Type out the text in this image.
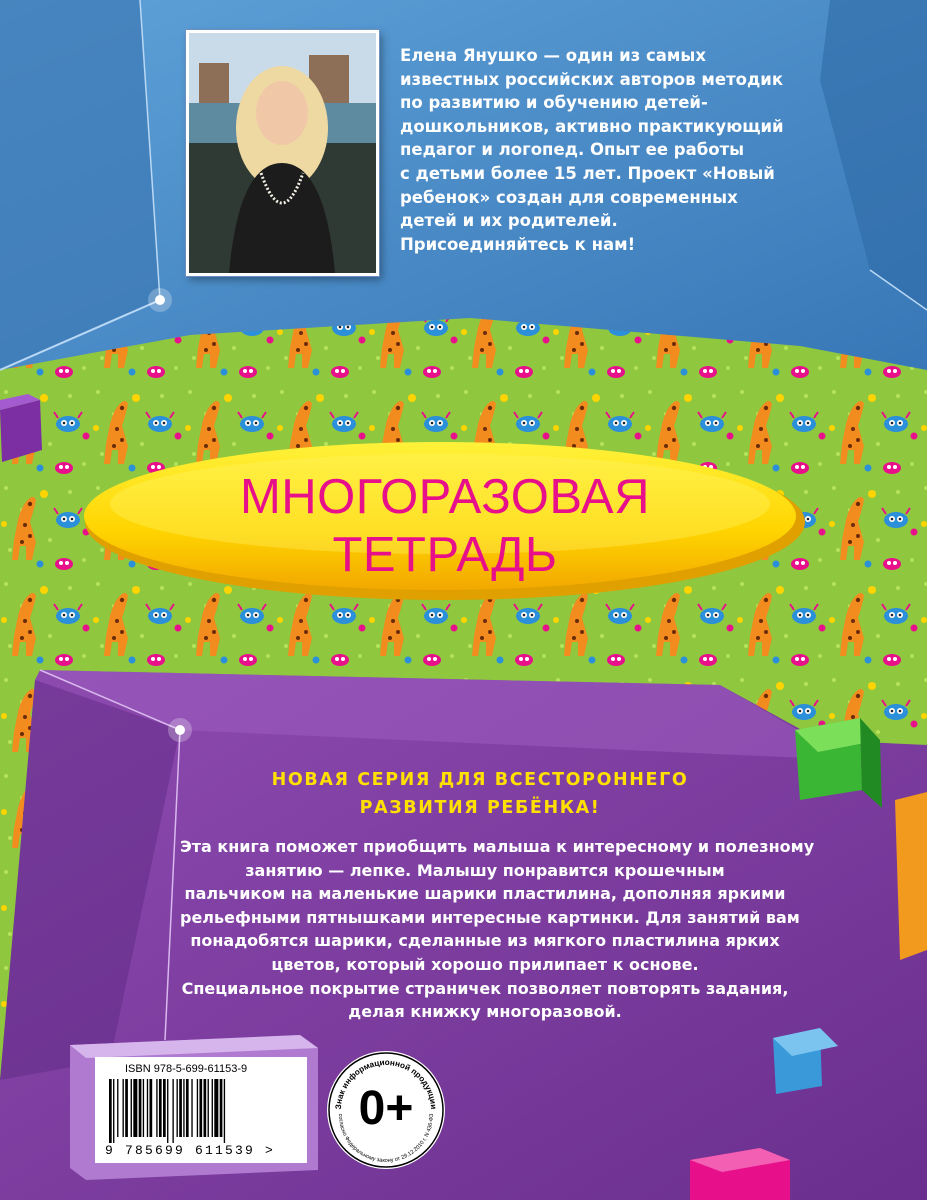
Елена Янушко — один из самых
известных российских авторов методик
по развитию и обучению детей-
дошкольников, активно практикующий
педагог и логопед. Опыт ее работы
с детьми более 15 лет. Проект «Новый
ребенок» создан для современных
детей и их родителей.
Присоединяйтесь к нам!
МНОГОРАЗОВАЯ
ТЕТРАДЬ
НОВАЯ СЕРИЯ ДЛЯ ВСЕСТОРОННЕГО
РАЗВИТИЯ РЕБЁНКА!
Эта книга поможет приобщить малыша к интересному и полезному
занятию — лепке. Малышу понравится крошечным
пальчиком на маленькие шарики пластилина, дополняя яркими
рельефными пятнышками интересные картинки. Для занятий вам
понадобятся шарики, сделанные из мягкого пластилина ярких
цветов, который хорошо прилипает к основе.
Специальное покрытие страничек позволяет повторять задания,
делая книжку многоразовой.
ISBN 978-5-699-61153-9
9 785699 611539 >
Знак информационной продукции
согласно Федеральному закону от 29.12.2010 г. N 436-ФЗ
0+
